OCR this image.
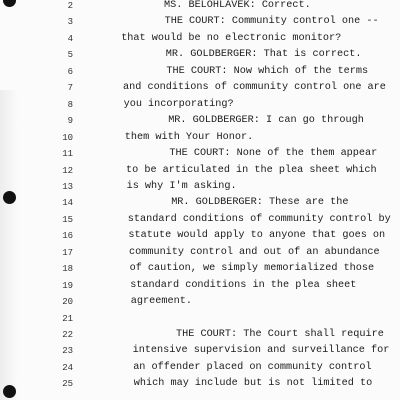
2	MS. BELOHLAVEK: Correct.
3	THE COURT: Community control one --
4	that would be no electronic monitor?
5	MR. GOLDBERGER: That is correct.
6	THE COURT: Now which of the terms
7	and conditions of community control one are
8	you incorporating?
9	MR. GOLDBERGER: I can go through
10	them with Your Honor.
11	THE COURT: None of the them appear
12	to be articulated in the plea sheet which
13	is why I'm asking.
14	MR. GOLDBERGER: These are the
15	standard conditions of community control by
16	statute would apply to anyone that goes on
17	community control and out of an abundance
18	of caution, we simply memorialized those
19	standard conditions in the plea sheet
20	agreement.
21
22	THE COURT: The Court shall require
23	intensive supervision and surveillance for
24	an offender placed on community control
25	which may include but is not limited to
